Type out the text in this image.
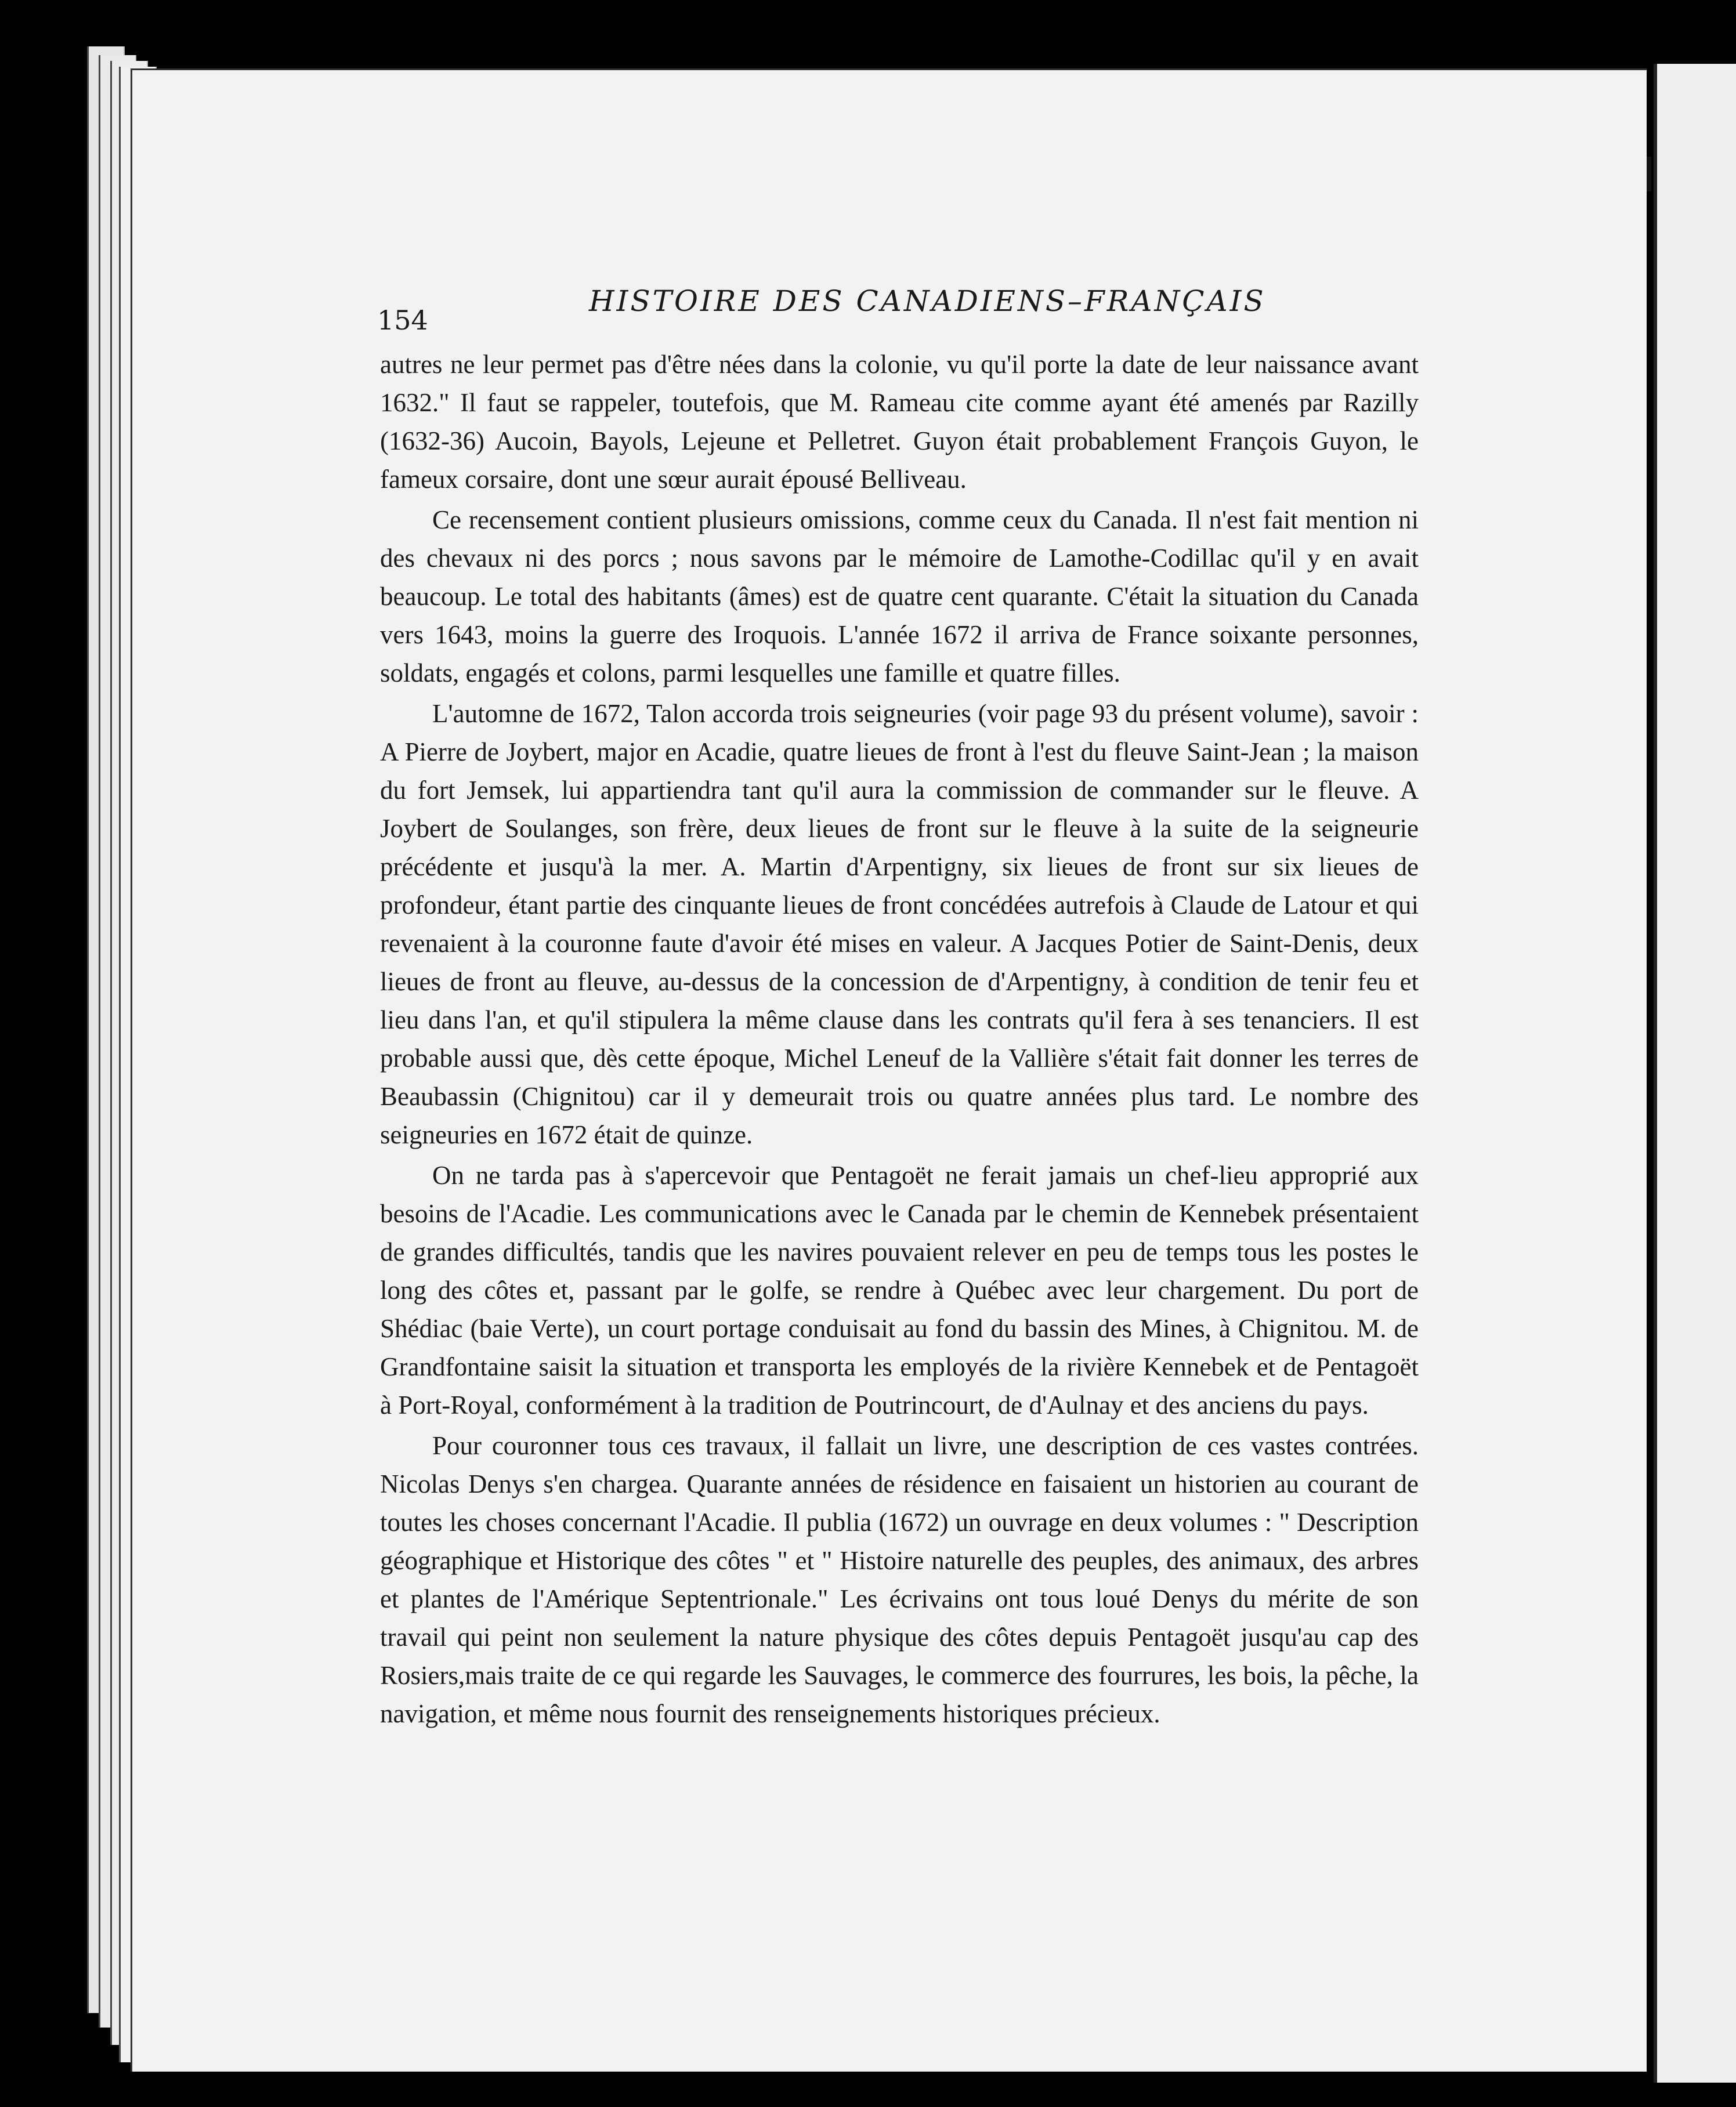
154
HISTOIRE DES CANADIENS–FRANÇAIS

autres ne leur permet pas d'être nées dans la colonie, vu qu'il porte la date de leur naissance avant 1632." Il faut se rappeler, toutefois, que M. Rameau cite comme ayant été amenés par Razilly (1632-36) Aucoin, Bayols, Lejeune et Pelletret. Guyon était probablement François Guyon, le fameux corsaire, dont une sœur aurait épousé Belliveau.

Ce recensement contient plusieurs omissions, comme ceux du Canada. Il n'est fait mention ni des chevaux ni des porcs ; nous savons par le mémoire de Lamothe-Codillac qu'il y en avait beaucoup. Le total des habitants (âmes) est de quatre cent quarante. C'était la situation du Canada vers 1643, moins la guerre des Iroquois. L'année 1672 il arriva de France soixante personnes, soldats, engagés et colons, parmi lesquelles une famille et quatre filles.

L'automne de 1672, Talon accorda trois seigneuries (voir page 93 du présent volume), savoir : A Pierre de Joybert, major en Acadie, quatre lieues de front à l'est du fleuve Saint-Jean ; la maison du fort Jemsek, lui appartiendra tant qu'il aura la commission de commander sur le fleuve. A Joybert de Soulanges, son frère, deux lieues de front sur le fleuve à la suite de la seigneurie précédente et jusqu'à la mer. A. Martin d'Arpentigny, six lieues de front sur six lieues de profondeur, étant partie des cinquante lieues de front concédées autrefois à Claude de Latour et qui revenaient à la couronne faute d'avoir été mises en valeur. A Jacques Potier de Saint-Denis, deux lieues de front au fleuve, au-dessus de la concession de d'Arpentigny, à condition de tenir feu et lieu dans l'an, et qu'il stipulera la même clause dans les contrats qu'il fera à ses tenanciers. Il est probable aussi que, dès cette époque, Michel Leneuf de la Vallière s'était fait donner les terres de Beaubassin (Chignitou) car il y demeurait trois ou quatre années plus tard. Le nombre des seigneuries en 1672 était de quinze.

On ne tarda pas à s'apercevoir que Pentagoët ne ferait jamais un chef-lieu approprié aux besoins de l'Acadie. Les communications avec le Canada par le chemin de Kennebek présentaient de grandes difficultés, tandis que les navires pouvaient relever en peu de temps tous les postes le long des côtes et, passant par le golfe, se rendre à Québec avec leur chargement. Du port de Shédiac (baie Verte), un court portage conduisait au fond du bassin des Mines, à Chignitou. M. de Grandfontaine saisit la situation et transporta les employés de la rivière Kennebek et de Pentagoët à Port-Royal, conformément à la tradition de Poutrincourt, de d'Aulnay et des anciens du pays.

Pour couronner tous ces travaux, il fallait un livre, une description de ces vastes contrées. Nicolas Denys s'en chargea. Quarante années de résidence en faisaient un historien au courant de toutes les choses concernant l'Acadie. Il publia (1672) un ouvrage en deux volumes : " Description géographique et Historique des côtes " et " Histoire naturelle des peuples, des animaux, des arbres et plantes de l'Amérique Septentrionale." Les écrivains ont tous loué Denys du mérite de son travail qui peint non seulement la nature physique des côtes depuis Pentagoët jusqu'au cap des Rosiers,mais traite de ce qui regarde les Sauvages, le commerce des fourrures, les bois, la pêche, la navigation, et même nous fournit des renseignements historiques précieux.
